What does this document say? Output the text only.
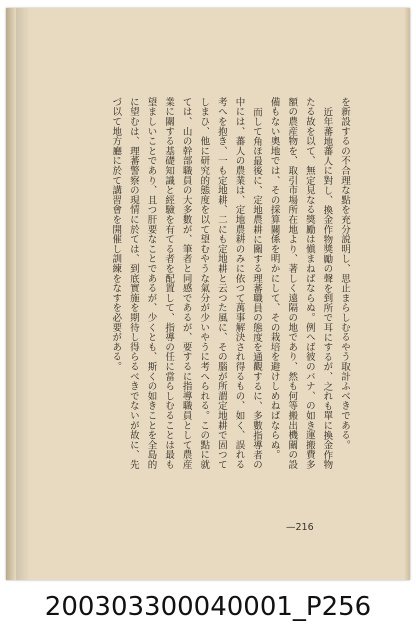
を新設するの不合理な點を充分説明し、思止まらしむるやう取計ふべきである。

近年蕃地蕃人に對し、換金作物獎勵の聲を到所で耳にするが、之れも單に換金作物たる故を以て、無定見なる獎勵は愼まねばならぬ。例へば彼のバナ、の如き運搬費多額の農産物を、取引市場所在地より、著しく遠隔の地であり、然も何等搬出機關の設備もない奧地では、その採算關係を明かにして、その栽培を避けしめねばならぬ。

而して角ほ最後に、定地農耕に關する理蕃職員の態度を通觀するに、多數指導者の中には、蕃人の農業は、定地農耕のみに依つて萬事解決され得るもの、如く、誤れる考へを抱き、一も定地耕、二にも定地耕と云つた風に、その腦が所謂定地耕で固つてしまひ、他に研究的態度を以て望むやうな氣分が少いやうに考へられる。この點に就ては、山の幹部職員の大多數が、筆者と同感であるが、要するに指導職員として農産業に關する基礎知識と經驗を有てる者を配置して、指導の任に當らしむることは最も望ましいことであり、且つ肝要なことであるが、少くとも、斯くの如きことを全島的に望むは、理蕃警察の現情に於ては、到底實施を期待し得らるべきでないが故に、先づ以て地方廳に於て講習會を開催し訓練をなすを必要がある。

—216
200303300040001_P256
